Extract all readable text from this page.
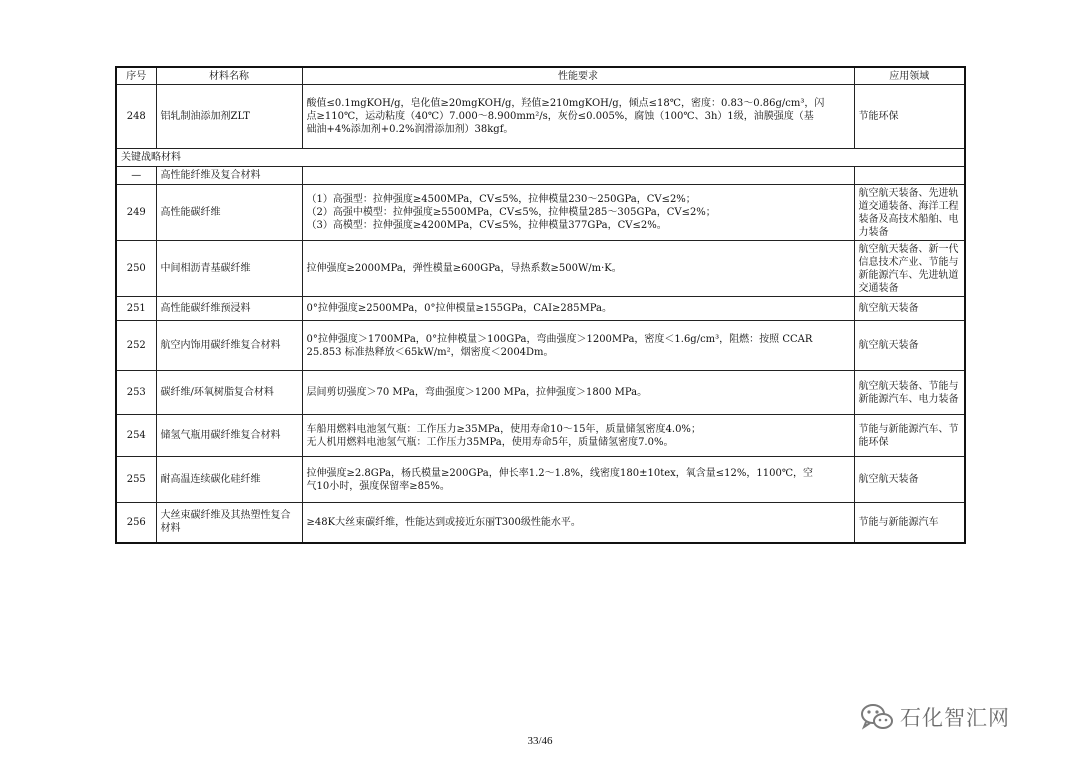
序号	材料名称	性能要求	应用领域
248	铝轧制油添加剂ZLT	酸值≤0.1mgKOH/g，皂化值≥20mgKOH/g，羟值≥210mgKOH/g，倾点≤18℃，密度：0.83～0.86g/cm³，闪
点≥110℃，运动粘度（40℃）7.000～8.900mm²/s，灰份≤0.005%，腐蚀（100℃、3h）1级，油膜强度（基
础油+4%添加剂+0.2%润滑添加剂）38kgf。	节能环保
关键战略材料			
—	高性能纤维及复合材料		
249	高性能碳纤维	（1）高强型：拉伸强度≥4500MPa，CV≤5%，拉伸模量230～250GPa，CV≤2%；
（2）高强中模型：拉伸强度≥5500MPa，CV≤5%，拉伸模量285～305GPa，CV≤2%；
（3）高模型：拉伸强度≥4200MPa，CV≤5%，拉伸模量377GPa，CV≤2%。	航空航天装备、先进轨道交通装备、海洋工程装备及高技术船舶、电力装备
250	中间相沥青基碳纤维	拉伸强度≥2000MPa，弹性模量≥600GPa，导热系数≥500W/m·K。	航空航天装备、新一代信息技术产业、节能与新能源汽车、先进轨道交通装备
251	高性能碳纤维预浸料	0°拉伸强度≥2500MPa，0°拉伸模量≥155GPa，CAI≥285MPa。	航空航天装备
252	航空内饰用碳纤维复合材料	0°拉伸强度＞1700MPa，0°拉伸模量＞100GPa，弯曲强度＞1200MPa，密度＜1.6g/cm³，阻燃：按照 CCAR
25.853 标准热释放＜65kW/m²，烟密度＜2004Dm。	航空航天装备
253	碳纤维/环氧树脂复合材料	层间剪切强度＞70 MPa，弯曲强度＞1200 MPa，拉伸强度＞1800 MPa。	航空航天装备、节能与新能源汽车、电力装备
254	储氢气瓶用碳纤维复合材料	车船用燃料电池氢气瓶：工作压力≥35MPa，使用寿命10～15年，质量储氢密度4.0%；
无人机用燃料电池氢气瓶：工作压力35MPa，使用寿命5年，质量储氢密度7.0%。	节能与新能源汽车、节能环保
255	耐高温连续碳化硅纤维	拉伸强度≥2.8GPa，杨氏模量≥200GPa，伸长率1.2～1.8%，线密度180±10tex，氧含量≤12%，1100℃，空
气10小时，强度保留率≥85%。	航空航天装备
256	大丝束碳纤维及其热塑性复合材料	≥48K大丝束碳纤维，性能达到或接近东丽T300级性能水平。	节能与新能源汽车
33/46
石化智汇网
